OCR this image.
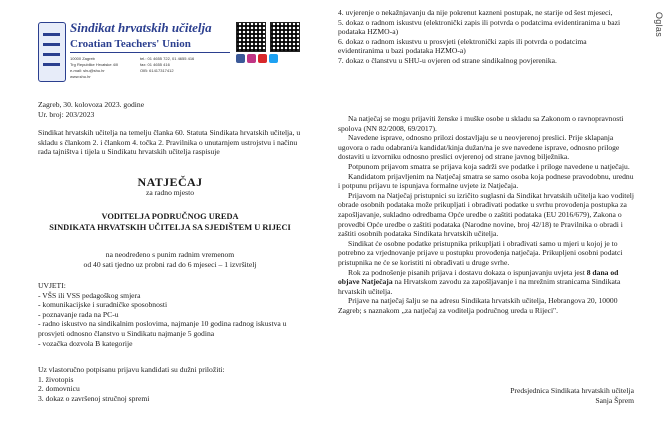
Oglas
Sindikat hrvatskih učitelja
Croatian Teachers' Union
10000 Zagreb
Trg Republike Hrvatske 4/II
e-mail: shu@shu.hr
www.shu.hr
tel.: 01 4655 722, 01 4655 416
fax: 01 4655 416
OIB: 61417317412

Zagreb, 30. kolovoza 2023. godine

Ur. broj: 203/2023

Sindikat hrvatskih učitelja na temelju članka 60. Statuta Sindikata hrvatskih učitelja, u skladu s člankom 2. i člankom 4. točka 2. Pravilnika o unutarnjem ustrojstvu i načinu rada tajništva i tijela u Sindikatu hrvatskih učitelja raspisuje

NATJEČAJ

za radno mjesto

VODITELJA PODRUČNOG UREDA

SINDIKATA HRVATSKIH UČITELJA SA SJEDIŠTEM U RIJECI

na neodređeno s punim radnim vremenom

od 40 sati tjedno uz probni rad do 6 mjeseci – 1 izvršitelj

UVJETI:

- VŠS ili VSS pedagoškog smjera

- komunikacijske i suradničke sposobnosti

- poznavanje rada na PC-u

- radno iskustvo na sindikalnim poslovima, najmanje 10 godina radnog iskustva u prosvjeti odnosno članstvo u Sindikatu najmanje 5 godina

- vozačka dozvola B kategorije

Uz vlastoručno potpisanu prijavu kandidati su dužni priložiti:

1. životopis

2. domovnicu

3. dokaz o završenoj stručnoj spremi

4. uvjerenje o nekažnjavanju da nije pokrenut kazneni postupak, ne starije od šest mjeseci,

5. dokaz o radnom iskustvu (elektronički zapis ili potvrda o podatcima evidentiranima u bazi podataka HZMO-a)

6. dokaz o radnom iskustvu u prosvjeti (elektronički zapis ili potvrda o podatcima evidentiranima u bazi podataka HZMO-a)

7. dokaz o članstvu u SHU-u ovjeren od strane sindikalnog povjerenika.

Na natječaj se mogu prijaviti ženske i muške osobe u skladu sa Zakonom o ravnopravnosti spolova (NN 82/2008, 69/2017).

Navedene isprave, odnosno prilozi dostavljaju se u neovjerenoj preslici. Prije sklapanja ugovora o radu odabrani/a kandidat/kinja dužan/na je sve navedene isprave, odnosno priloge dostaviti u izvorniku odnosno preslici ovjerenoj od strane javnog bilježnika.

Potpunom prijavom smatra se prijava koja sadrži sve podatke i priloge navedene u natječaju.

Kandidatom prijavljenim na Natječaj smatra se samo osoba koja podnese pravodobnu, urednu i potpunu prijavu te ispunjava formalne uvjete iz Natječaja.

Prijavom na Natječaj pristupnici su izričito suglasni da Sindikat hrvatskih učitelja kao voditelj obrade osobnih podataka može prikupljati i obrađivati podatke u svrhu provođenja postupka za zapošljavanje, sukladno odredbama Opće uredbe o zaštiti podataka (EU 2016/679), Zakona o provedbi Opće uredbe o zaštiti podataka (Narodne novine, broj 42/18) te Pravilnika o obradi i zaštiti osobnih podataka Sindikata hrvatskih učitelja.

Sindikat će osobne podatke pristupnika prikupljati i obrađivati samo u mjeri u kojoj je to potrebno za vrjednovanje prijave u postupku provođenja natječaja. Prikupljeni osobni podatci pristupnika ne će se koristiti ni obrađivati u druge svrhe.

Rok za podnošenje pisanih prijava i dostavu dokaza o ispunjavanju uvjeta jest 8 dana od objave Natječaja na Hrvatskom zavodu za zapošljavanje i na mrežnim stranicama Sindikata hrvatskih učitelja.

Prijave na natječaj šalju se na adresu Sindikata hrvatskih učitelja, Hebrangova 20, 10000 Zagreb; s naznakom „za natječaj za voditelja područnog ureda u Rijeci".

Predsjednica Sindikata hrvatskih učitelja

Sanja Šprem
